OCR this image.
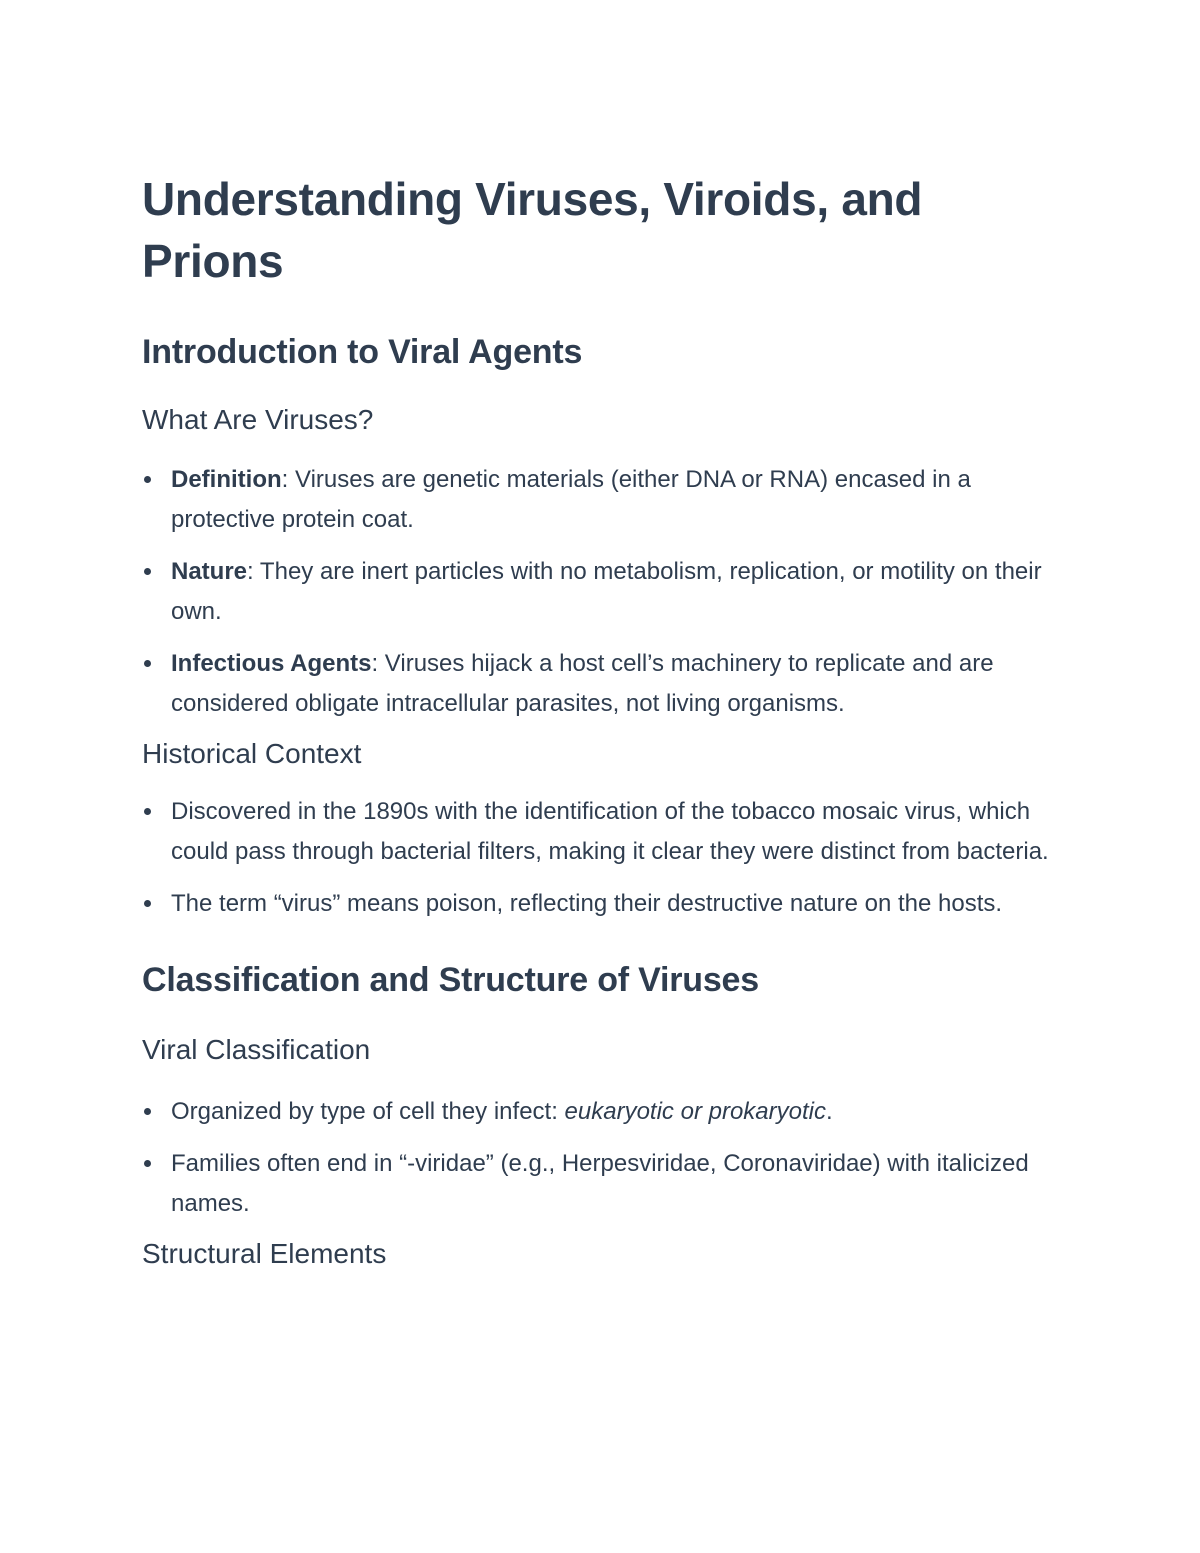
Understanding Viruses, Viroids, and Prions
Introduction to Viral Agents
What Are Viruses?
Definition: Viruses are genetic materials (either DNA or RNA) encased in a protective protein coat.
Nature: They are inert particles with no metabolism, replication, or motility on their own.
Infectious Agents: Viruses hijack a host cell’s machinery to replicate and are considered obligate intracellular parasites, not living organisms.
Historical Context
Discovered in the 1890s with the identification of the tobacco mosaic virus, which could pass through bacterial filters, making it clear they were distinct from bacteria.
The term “virus” means poison, reflecting their destructive nature on the hosts.
Classification and Structure of Viruses
Viral Classification
Organized by type of cell they infect: eukaryotic or prokaryotic.
Families often end in “-viridae” (e.g., Herpesviridae, Coronaviridae) with italicized names.
Structural Elements
